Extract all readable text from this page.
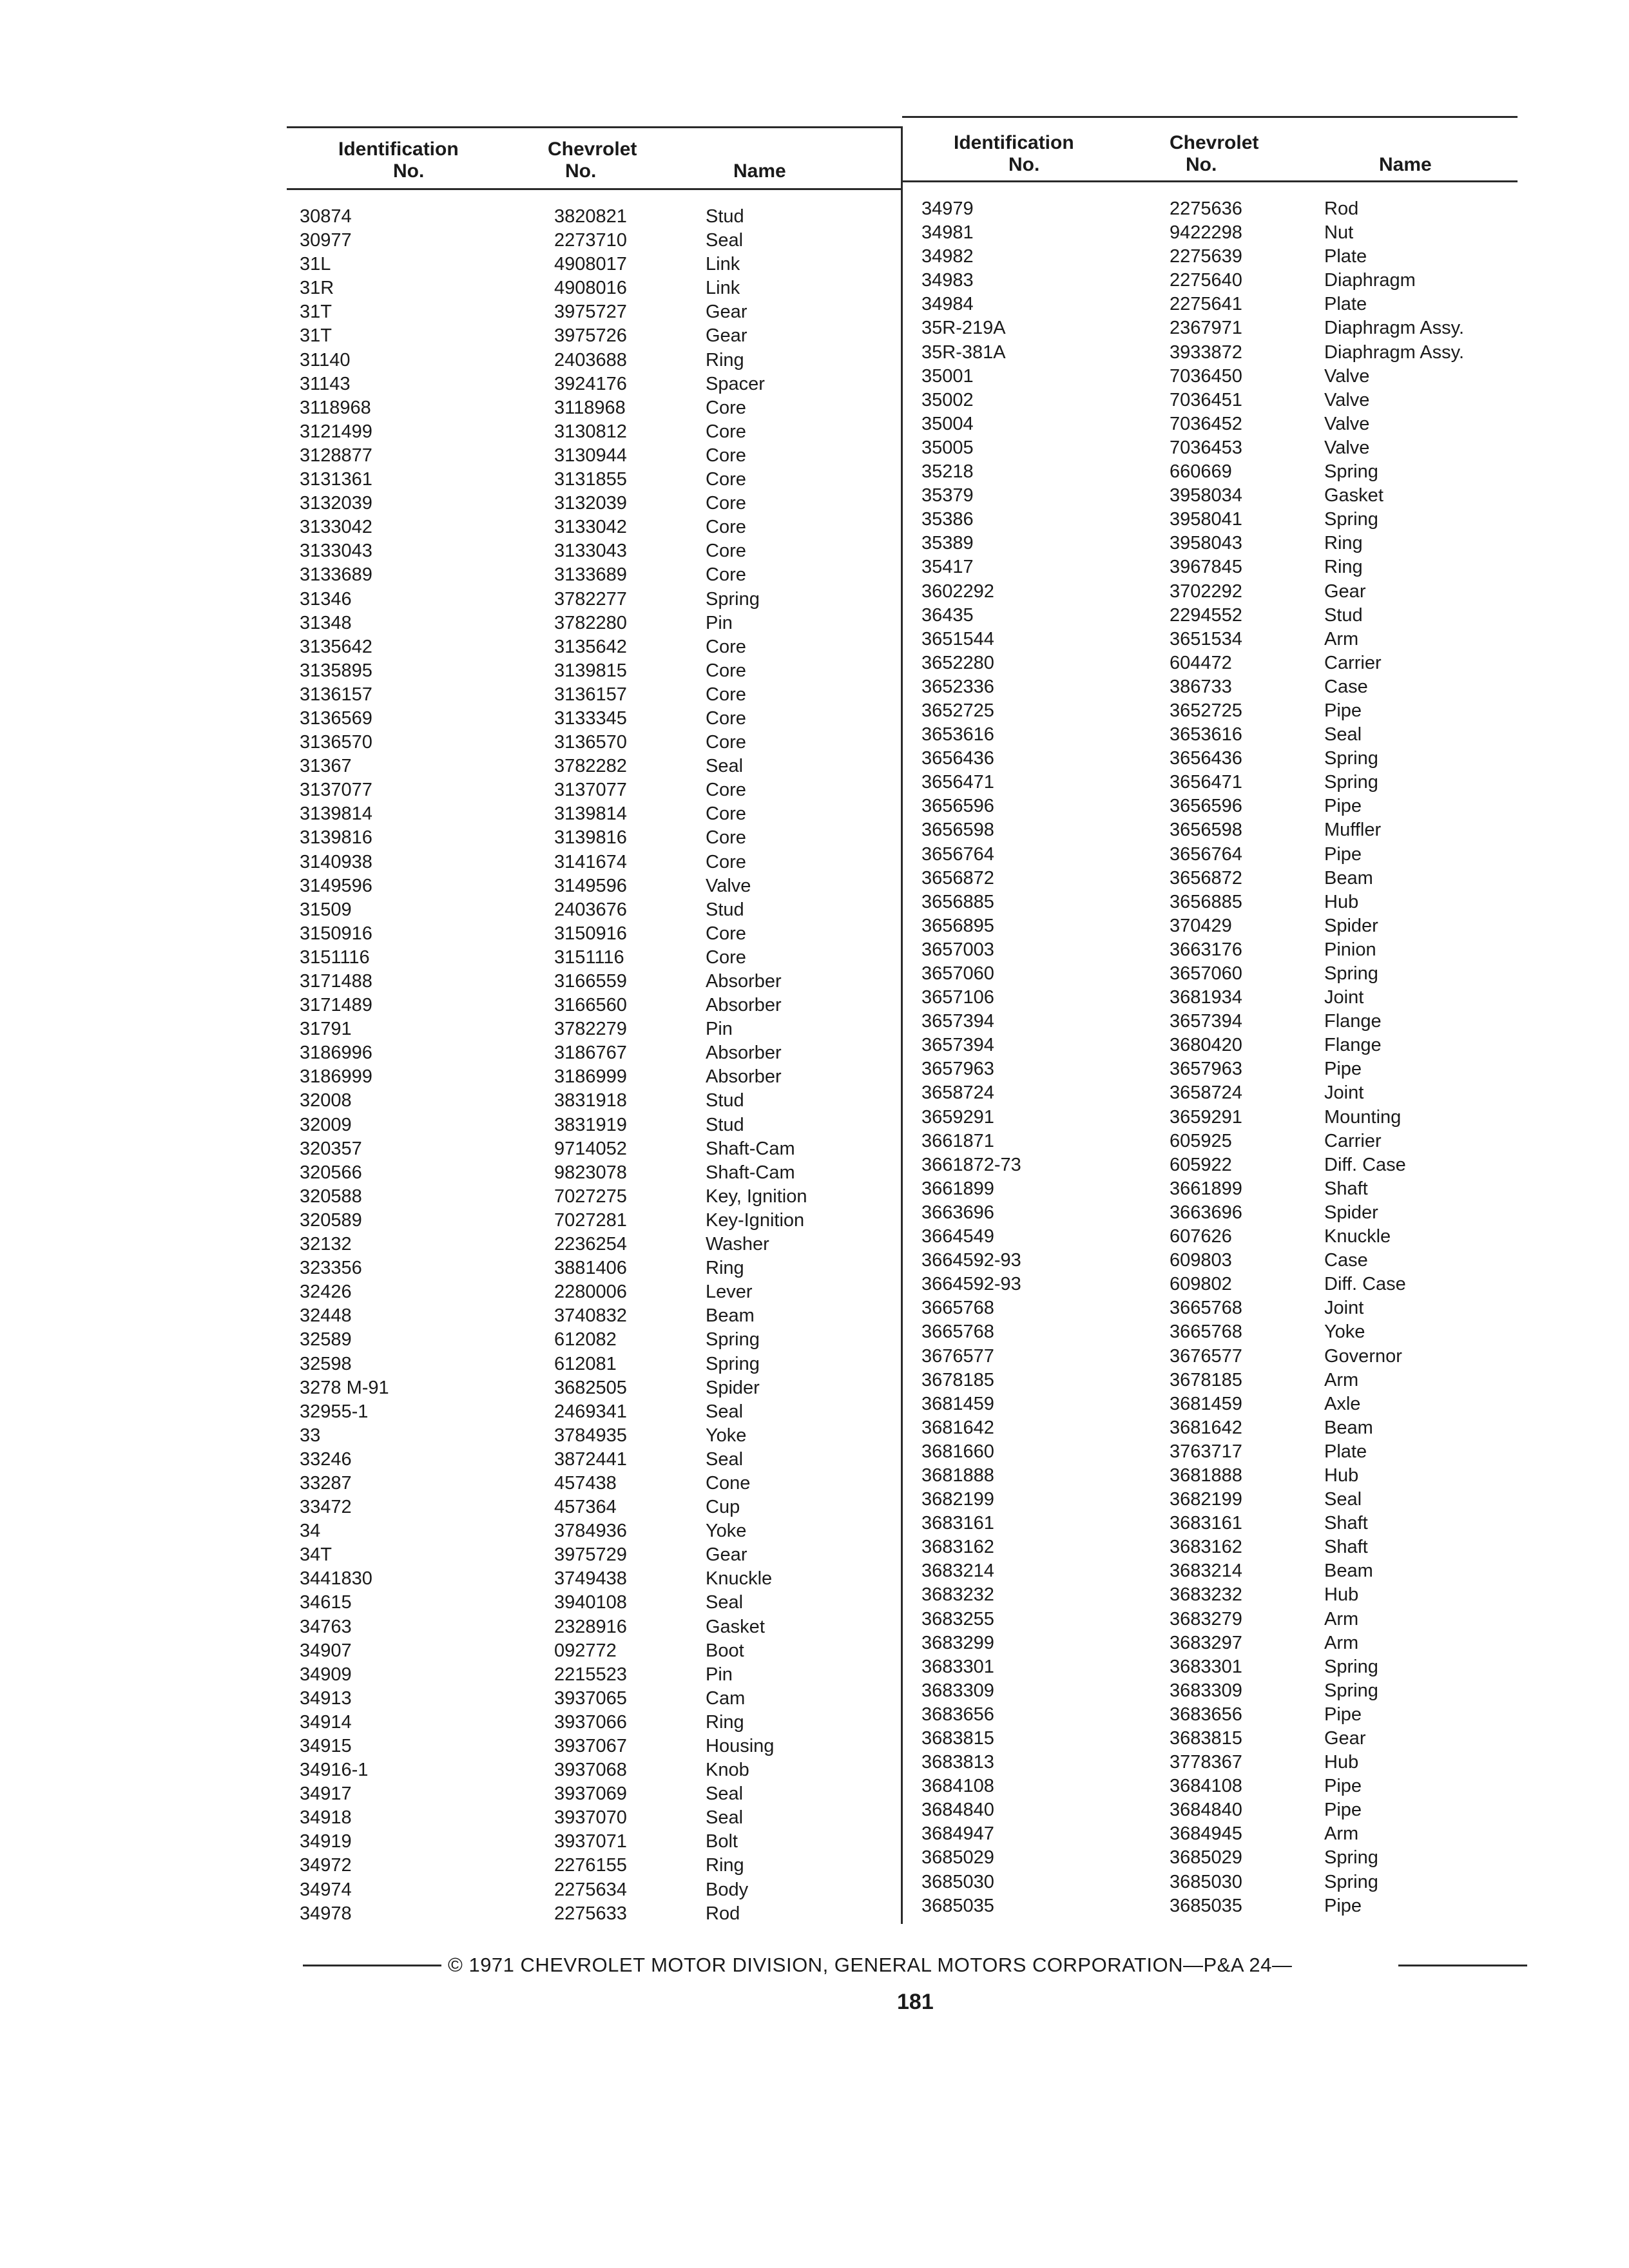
Identification
No.
Chevrolet
No.	Name
Identification
No.
Chevrolet
No.	Name
30874	3820821	Stud
30977	2273710	Seal
31L	4908017	Link
31R	4908016	Link
31T	3975727	Gear
31T	3975726	Gear
31140	2403688	Ring
31143	3924176	Spacer
3118968	3118968	Core
3121499	3130812	Core
3128877	3130944	Core
3131361	3131855	Core
3132039	3132039	Core
3133042	3133042	Core
3133043	3133043	Core
3133689	3133689	Core
31346	3782277	Spring
31348	3782280	Pin
3135642	3135642	Core
3135895	3139815	Core
3136157	3136157	Core
3136569	3133345	Core
3136570	3136570	Core
31367	3782282	Seal
3137077	3137077	Core
3139814	3139814	Core
3139816	3139816	Core
3140938	3141674	Core
3149596	3149596	Valve
31509	2403676	Stud
3150916	3150916	Core
3151116	3151116	Core
3171488	3166559	Absorber
3171489	3166560	Absorber
31791	3782279	Pin
3186996	3186767	Absorber
3186999	3186999	Absorber
32008	3831918	Stud
32009	3831919	Stud
320357	9714052	Shaft-Cam
320566	9823078	Shaft-Cam
320588	7027275	Key, Ignition
320589	7027281	Key-Ignition
32132	2236254	Washer
323356	3881406	Ring
32426	2280006	Lever
32448	3740832	Beam
32589	612082	Spring
32598	612081	Spring
3278 M-91	3682505	Spider
32955-1	2469341	Seal
33	3784935	Yoke
33246	3872441	Seal
33287	457438	Cone
33472	457364	Cup
34	3784936	Yoke
34T	3975729	Gear
3441830	3749438	Knuckle
34615	3940108	Seal
34763	2328916	Gasket
34907	092772	Boot
34909	2215523	Pin
34913	3937065	Cam
34914	3937066	Ring
34915	3937067	Housing
34916-1	3937068	Knob
34917	3937069	Seal
34918	3937070	Seal
34919	3937071	Bolt
34972	2276155	Ring
34974	2275634	Body
34978	2275633	Rod
34979	2275636	Rod
34981	9422298	Nut
34982	2275639	Plate
34983	2275640	Diaphragm
34984	2275641	Plate
35R-219A	2367971	Diaphragm Assy.
35R-381A	3933872	Diaphragm Assy.
35001	7036450	Valve
35002	7036451	Valve
35004	7036452	Valve
35005	7036453	Valve
35218	660669	Spring
35379	3958034	Gasket
35386	3958041	Spring
35389	3958043	Ring
35417	3967845	Ring
3602292	3702292	Gear
36435	2294552	Stud
3651544	3651534	Arm
3652280	604472	Carrier
3652336	386733	Case
3652725	3652725	Pipe
3653616	3653616	Seal
3656436	3656436	Spring
3656471	3656471	Spring
3656596	3656596	Pipe
3656598	3656598	Muffler
3656764	3656764	Pipe
3656872	3656872	Beam
3656885	3656885	Hub
3656895	370429	Spider
3657003	3663176	Pinion
3657060	3657060	Spring
3657106	3681934	Joint
3657394	3657394	Flange
3657394	3680420	Flange
3657963	3657963	Pipe
3658724	3658724	Joint
3659291	3659291	Mounting
3661871	605925	Carrier
3661872-73	605922	Diff. Case
3661899	3661899	Shaft
3663696	3663696	Spider
3664549	607626	Knuckle
3664592-93	609803	Case
3664592-93	609802	Diff. Case
3665768	3665768	Joint
3665768	3665768	Yoke
3676577	3676577	Governor
3678185	3678185	Arm
3681459	3681459	Axle
3681642	3681642	Beam
3681660	3763717	Plate
3681888	3681888	Hub
3682199	3682199	Seal
3683161	3683161	Shaft
3683162	3683162	Shaft
3683214	3683214	Beam
3683232	3683232	Hub
3683255	3683279	Arm
3683299	3683297	Arm
3683301	3683301	Spring
3683309	3683309	Spring
3683656	3683656	Pipe
3683815	3683815	Gear
3683813	3778367	Hub
3684108	3684108	Pipe
3684840	3684840	Pipe
3684947	3684945	Arm
3685029	3685029	Spring
3685030	3685030	Spring
3685035	3685035	Pipe
© 1971 CHEVROLET MOTOR DIVISION, GENERAL MOTORS CORPORATION—P&A 24—
181
